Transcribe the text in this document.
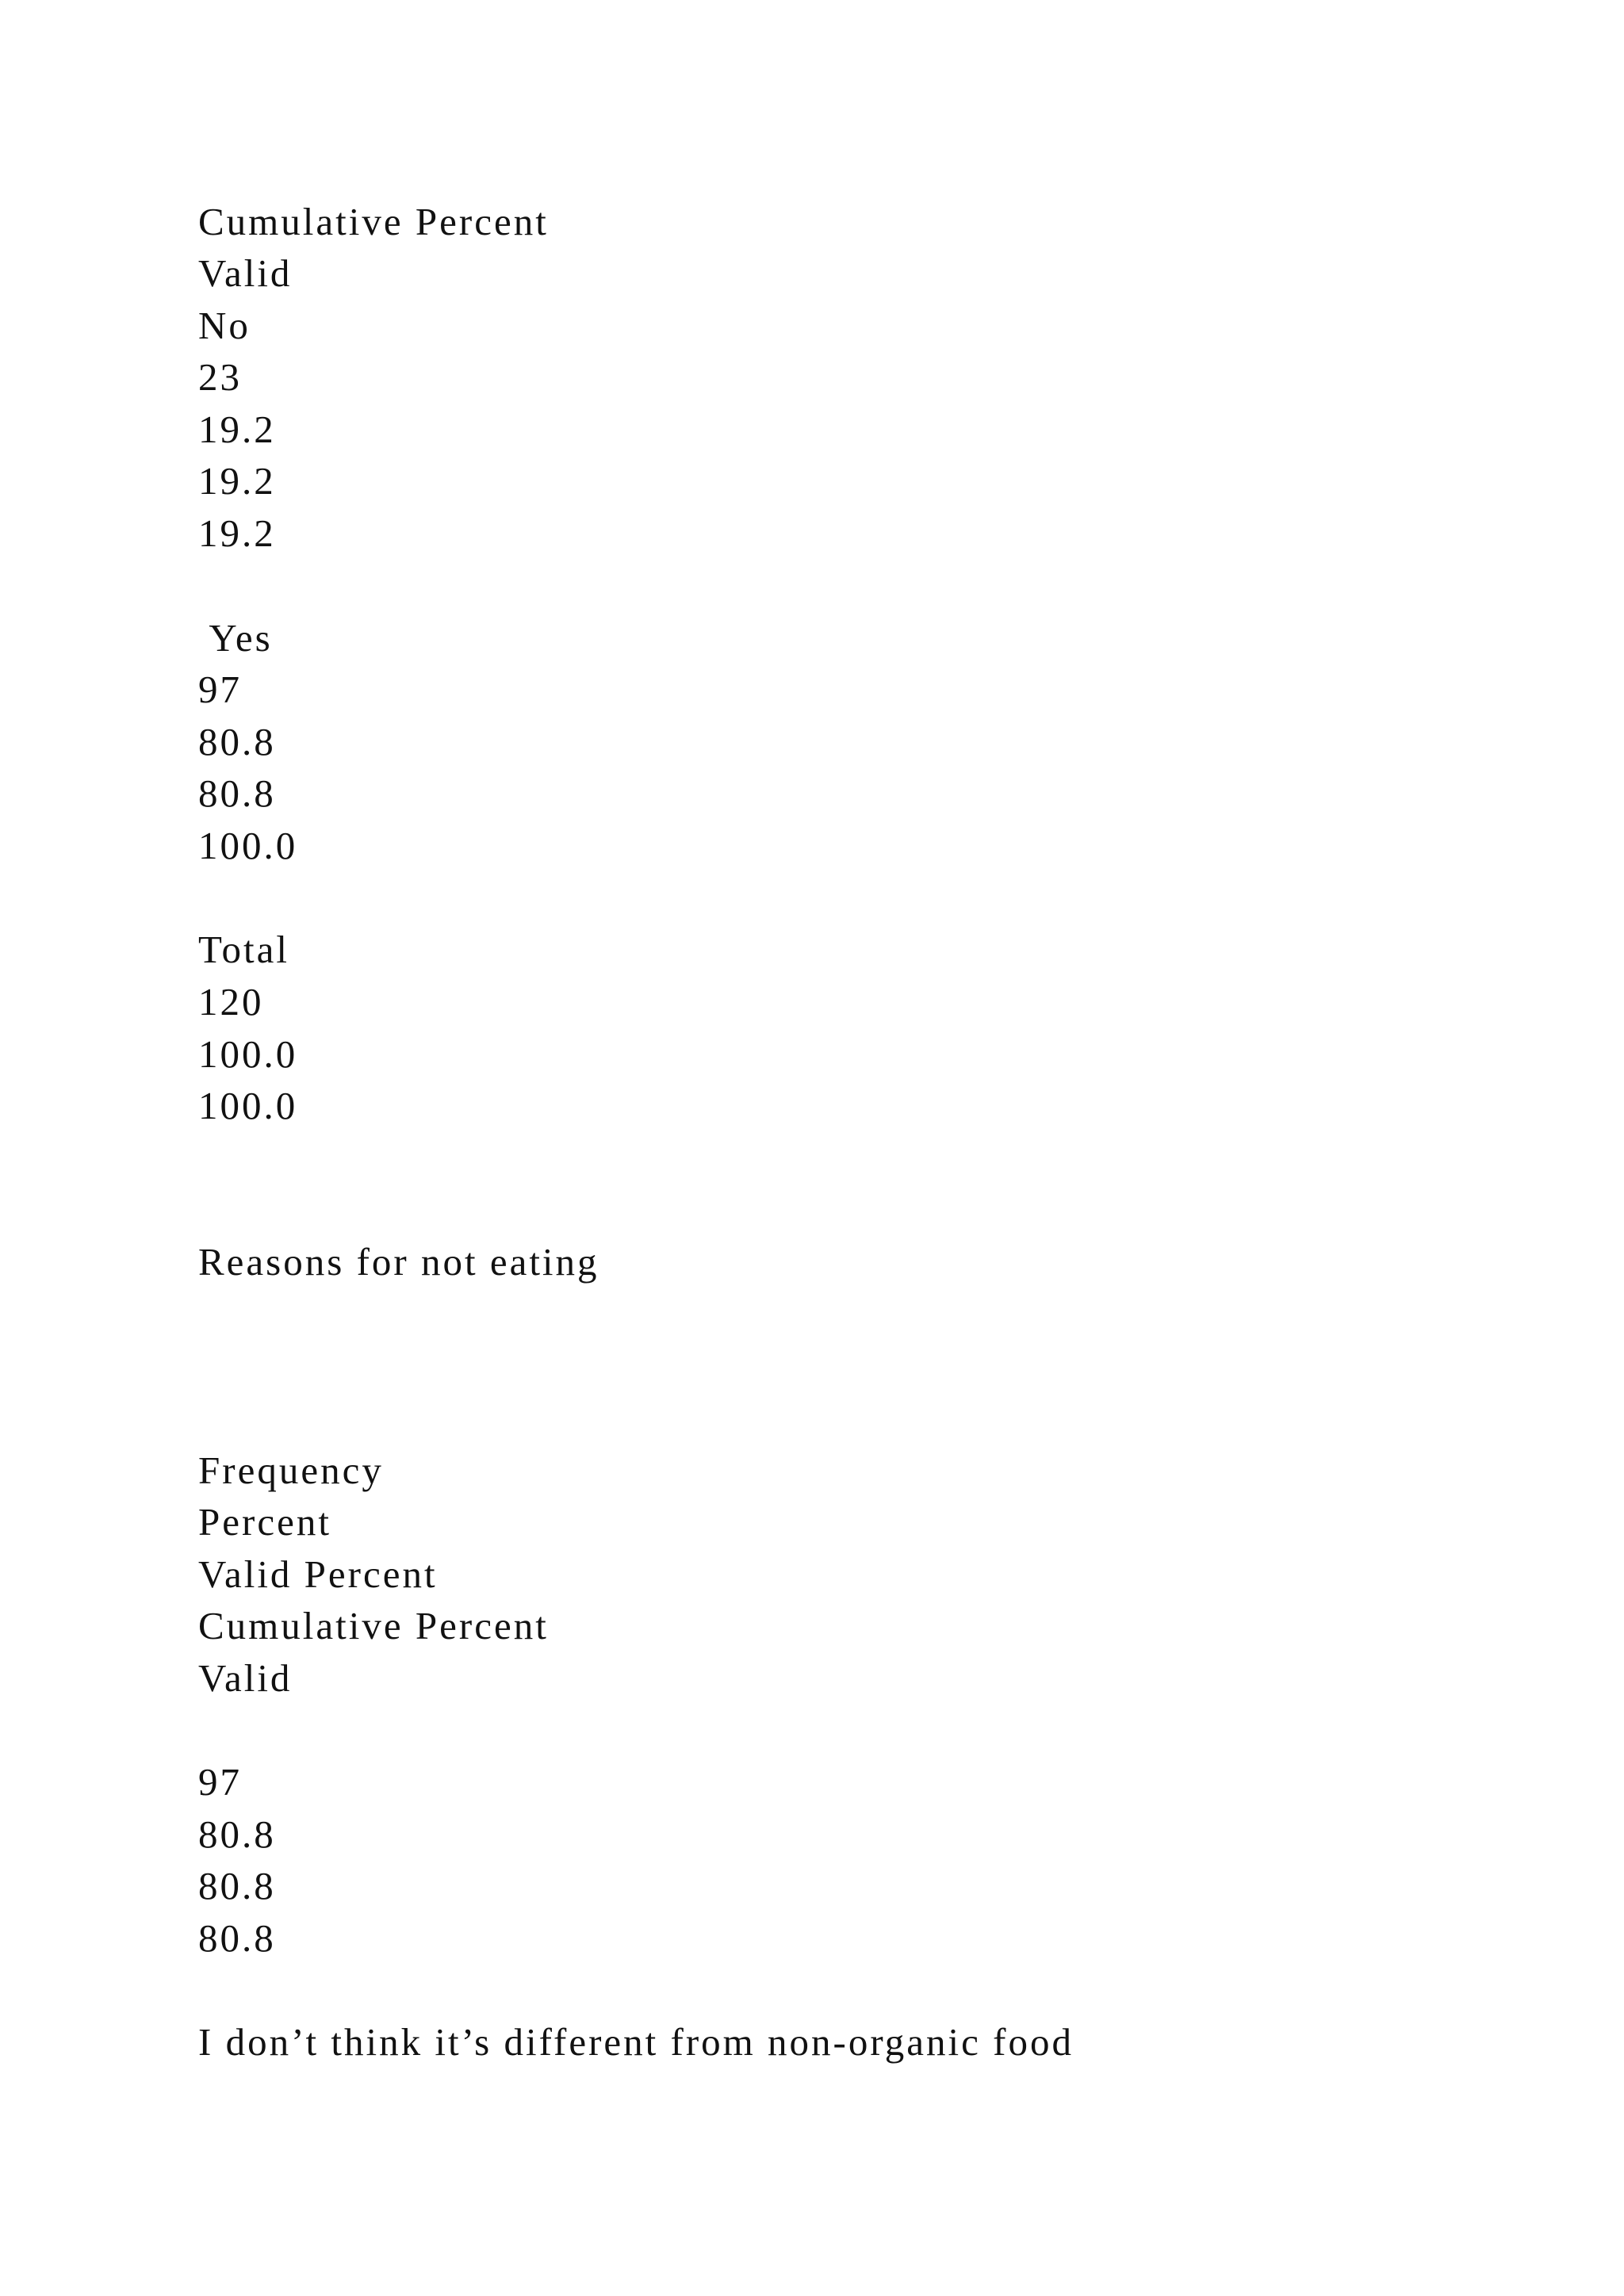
Cumulative Percent
Valid
No
23
19.2
19.2
19.2
Yes
97
80.8
80.8
100.0
Total
120
100.0
100.0
Reasons for not eating
Frequency
Percent
Valid Percent
Cumulative Percent
Valid
97
80.8
80.8
80.8
I don’t think it’s different from non-organic food
